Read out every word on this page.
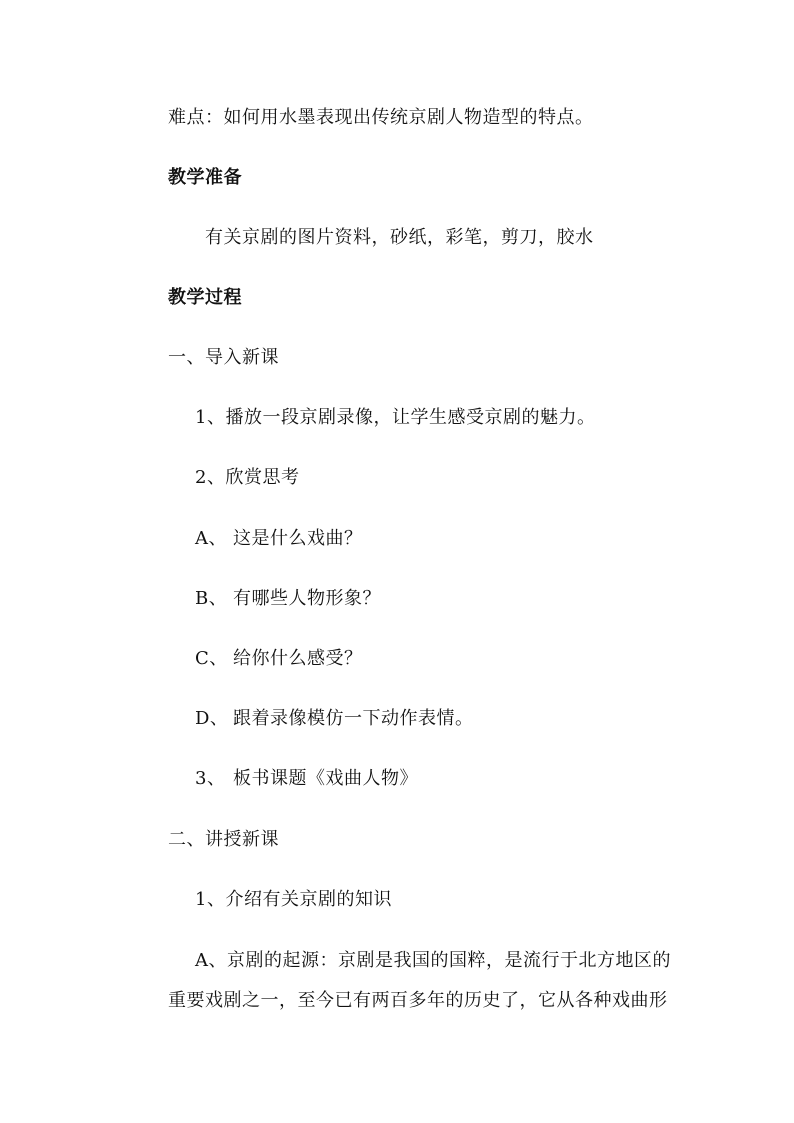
难点：如何用水墨表现出传统京剧人物造型的特点。
教学准备
有关京剧的图片资料，砂纸，彩笔，剪刀，胶水
教学过程
一、导入新课
1、播放一段京剧录像，让学生感受京剧的魅力。
2、欣赏思考
A、 这是什么戏曲？
B、 有哪些人物形象？
C、 给你什么感受？
D、 跟着录像模仿一下动作表情。
3、 板书课题《戏曲人物》
二、讲授新课
1、介绍有关京剧的知识
A、京剧的起源：京剧是我国的国粹，是流行于北方地区的
重要戏剧之一，至今已有两百多年的历史了，它从各种戏曲形
